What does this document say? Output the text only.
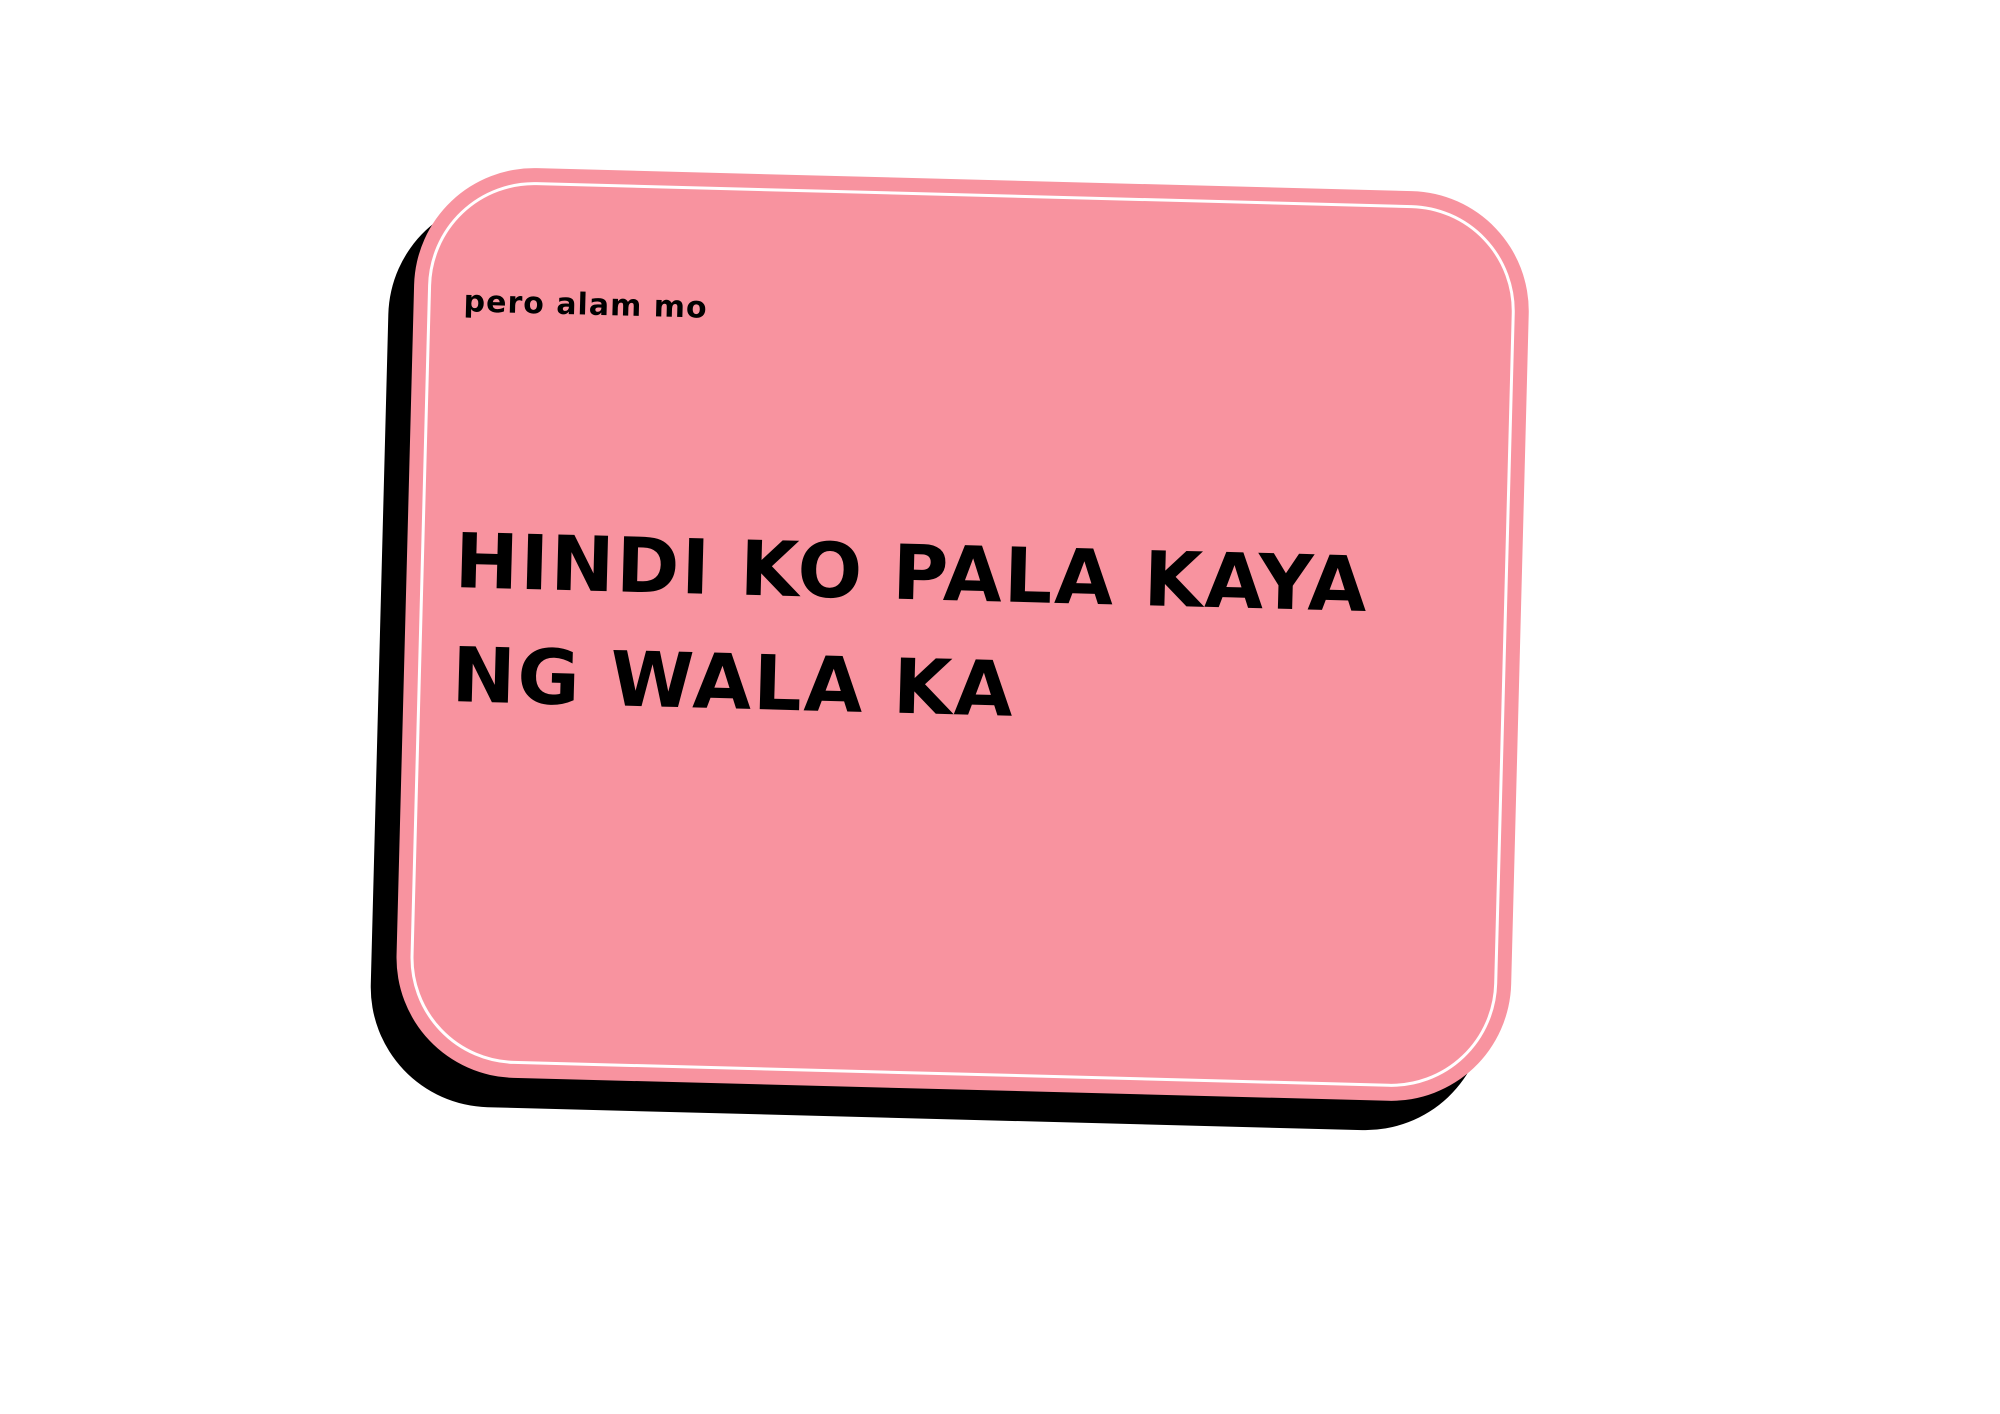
pero alam mo
HINDI KO PALA KAYA
NG WALA KA
